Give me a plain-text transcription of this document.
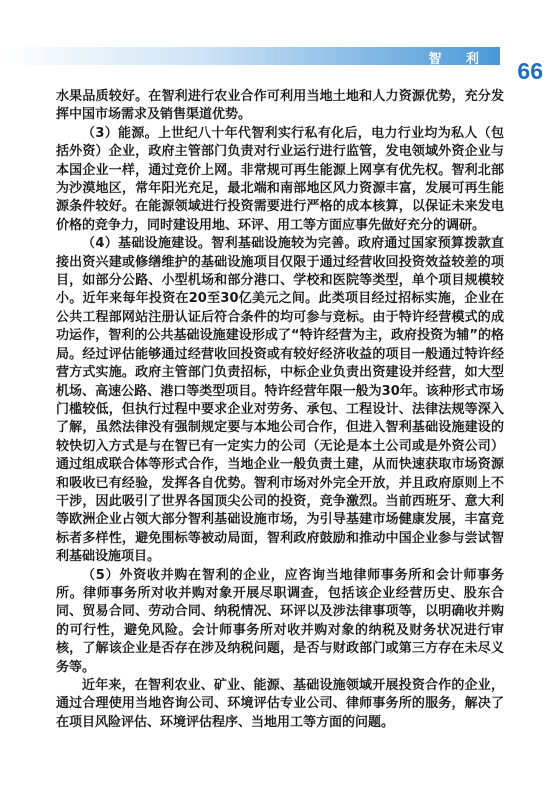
智 利 66

水果品质较好。在智利进行农业合作可利用当地土地和人力资源优势，充分发挥中国市场需求及销售渠道优势。

（3）能源。上世纪八十年代智利实行私有化后，电力行业均为私人（包括外资）企业，政府主管部门负责对行业运行进行监管，发电领域外资企业与本国企业一样，通过竞价上网。非常规可再生能源上网享有优先权。智利北部为沙漠地区，常年阳光充足，最北端和南部地区风力资源丰富，发展可再生能源条件较好。在能源领域进行投资需要进行严格的成本核算，以保证未来发电价格的竞争力，同时建设用地、环评、用工等方面应事先做好充分的调研。

（4）基础设施建设。智利基础设施较为完善。政府通过国家预算拨款直接出资兴建或修缮维护的基础设施项目仅限于通过经营收回投资效益较差的项目，如部分公路、小型机场和部分港口、学校和医院等类型，单个项目规模较小。近年来每年投资在20至30亿美元之间。此类项目经过招标实施，企业在公共工程部网站注册认证后符合条件的均可参与竞标。由于特许经营模式的成功运作，智利的公共基础设施建设形成了“特许经营为主，政府投资为辅”的格局。经过评估能够通过经营收回投资或有较好经济收益的项目一般通过特许经营方式实施。政府主管部门负责招标，中标企业负责出资建设并经营，如大型机场、高速公路、港口等类型项目。特许经营年限一般为30年。该种形式市场门槛较低，但执行过程中要求企业对劳务、承包、工程设计、法律法规等深入了解，虽然法律没有强制规定要与本地公司合作，但进入智利基础设施建设的较快切入方式是与在智已有一定实力的公司（无论是本土公司或是外资公司）通过组成联合体等形式合作，当地企业一般负责土建，从而快速获取市场资源和吸收已有经验，发挥各自优势。智利市场对外完全开放，并且政府原则上不干涉，因此吸引了世界各国顶尖公司的投资，竞争激烈。当前西班牙、意大利等欧洲企业占领大部分智利基础设施市场，为引导基建市场健康发展，丰富竞标者多样性，避免围标等被动局面，智利政府鼓励和推动中国企业参与尝试智利基础设施项目。

（5）外资收并购在智利的企业，应咨询当地律师事务所和会计师事务所。律师事务所对收并购对象开展尽职调查，包括该企业经营历史、股东合同、贸易合同、劳动合同、纳税情况、环评以及涉法律事项等，以明确收并购的可行性，避免风险。会计师事务所对收并购对象的纳税及财务状况进行审核，了解该企业是否存在涉及纳税问题，是否与财政部门或第三方存在未尽义务等。

近年来，在智利农业、矿业、能源、基础设施领域开展投资合作的企业，通过合理使用当地咨询公司、环境评估专业公司、律师事务所的服务，解决了在项目风险评估、环境评估程序、当地用工等方面的问题。
